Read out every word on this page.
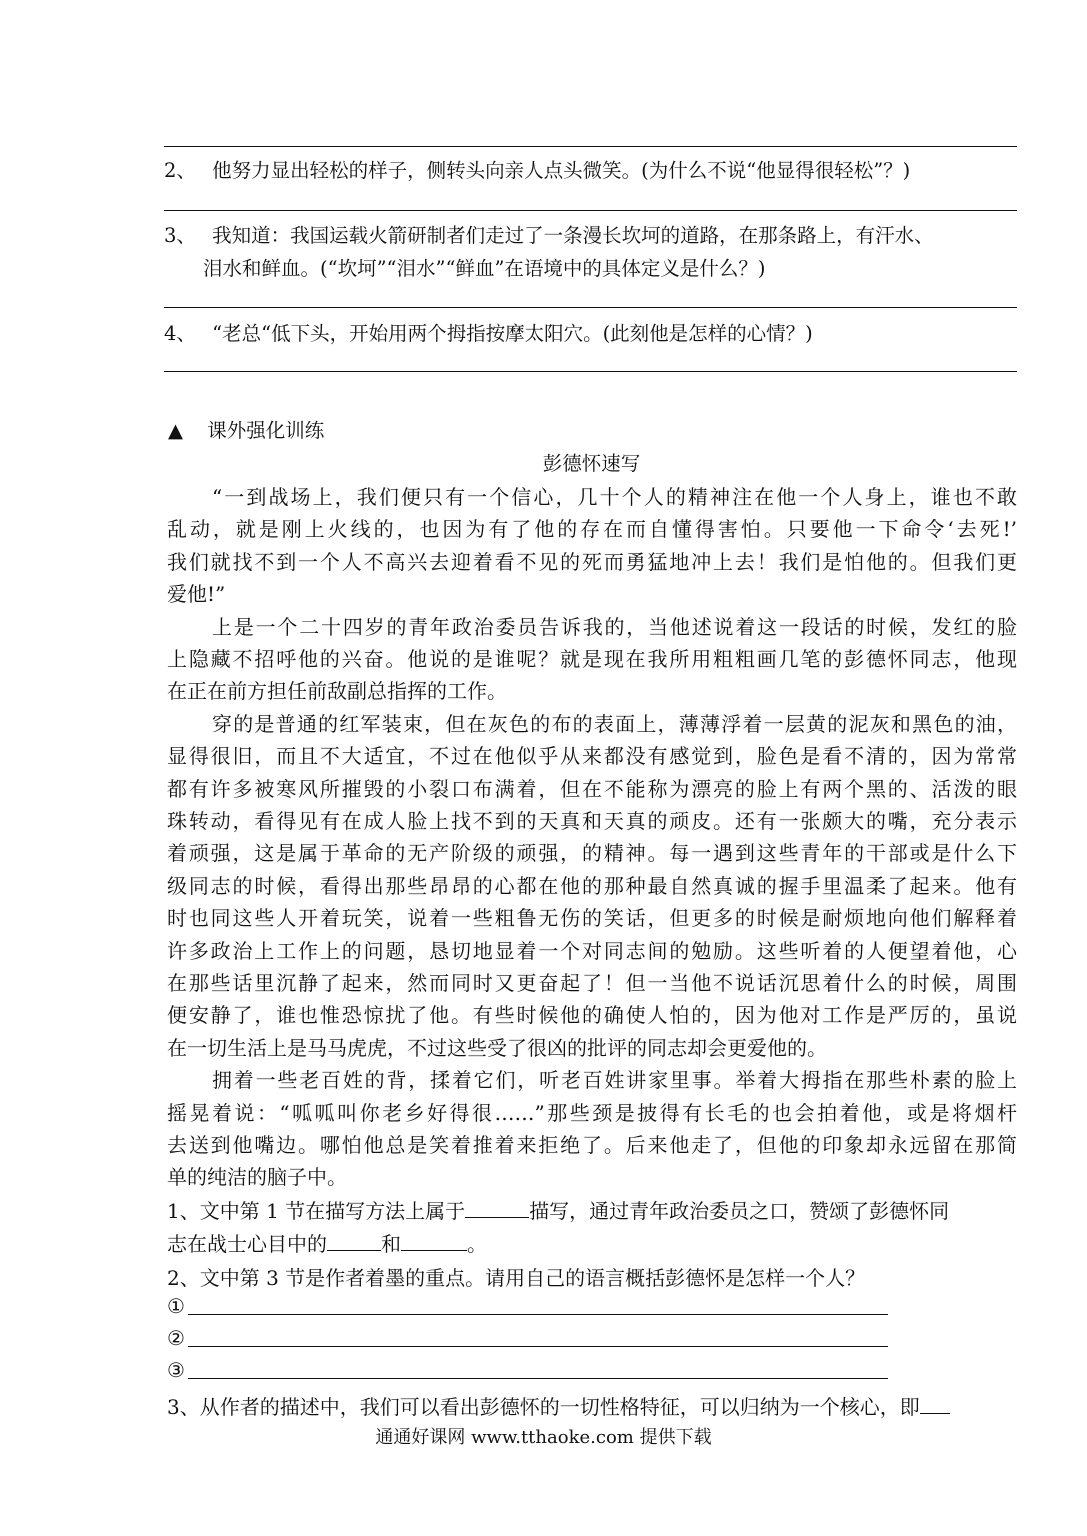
2、 他努力显出轻松的样子，侧转头向亲人点头微笑。(为什么不说“他显得很轻松”？)
3、 我知道：我国运载火箭研制者们走过了一条漫长坎坷的道路，在那条路上，有汗水、
泪水和鲜血。(“坎坷”“泪水”“鲜血”在语境中的具体定义是什么？)
4、 “老总“低下头，开始用两个拇指按摩太阳穴。(此刻他是怎样的心情？)
▲ 课外强化训练
彭德怀速写
“一到战场上，我们便只有一个信心，几十个人的精神注在他一个人身上，谁也不敢
乱动，就是刚上火线的，也因为有了他的存在而自懂得害怕。只要他一下命令‘去死!’
我们就找不到一个人不高兴去迎着看不见的死而勇猛地冲上去！我们是怕他的。但我们更
爱他!”
上是一个二十四岁的青年政治委员告诉我的，当他述说着这一段话的时候，发红的脸
上隐藏不招呼他的兴奋。他说的是谁呢？就是现在我所用粗粗画几笔的彭德怀同志，他现
在正在前方担任前敌副总指挥的工作。
穿的是普通的红军装束，但在灰色的布的表面上，薄薄浮着一层黄的泥灰和黑色的油，
显得很旧，而且不大适宜，不过在他似乎从来都没有感觉到，脸色是看不清的，因为常常
都有许多被寒风所摧毁的小裂口布满着，但在不能称为漂亮的脸上有两个黑的、活泼的眼
珠转动，看得见有在成人脸上找不到的天真和天真的顽皮。还有一张颇大的嘴，充分表示
着顽强，这是属于革命的无产阶级的顽强，的精神。每一遇到这些青年的干部或是什么下
级同志的时候，看得出那些昂昂的心都在他的那种最自然真诚的握手里温柔了起来。他有
时也同这些人开着玩笑，说着一些粗鲁无伤的笑话，但更多的时候是耐烦地向他们解释着
许多政治上工作上的问题，恳切地显着一个对同志间的勉励。这些听着的人便望着他，心
在那些话里沉静了起来，然而同时又更奋起了！但一当他不说话沉思着什么的时候，周围
便安静了，谁也惟恐惊扰了他。有些时候他的确使人怕的，因为他对工作是严厉的，虽说
在一切生活上是马马虎虎，不过这些受了很凶的批评的同志却会更爱他的。
拥着一些老百姓的背，揉着它们，听老百姓讲家里事。举着大拇指在那些朴素的脸上
摇晃着说：“呱呱叫你老乡好得很……”那些颈是披得有长毛的也会拍着他，或是将烟杆
去送到他嘴边。哪怕他总是笑着推着来拒绝了。后来他走了，但他的印象却永远留在那简
单的纯洁的脑子中。
1、文中第 1 节在描写方法上属于	描写，通过青年政治委员之口，赞颂了彭德怀同
志在战士心目中的	和	。
2、文中第 3 节是作者着墨的重点。请用自己的语言概括彭德怀是怎样一个人？
①
②
③
3、从作者的描述中，我们可以看出彭德怀的一切性格特征，可以归纳为一个核心，即
通通好课网 www.tthaoke.com 提供下载
